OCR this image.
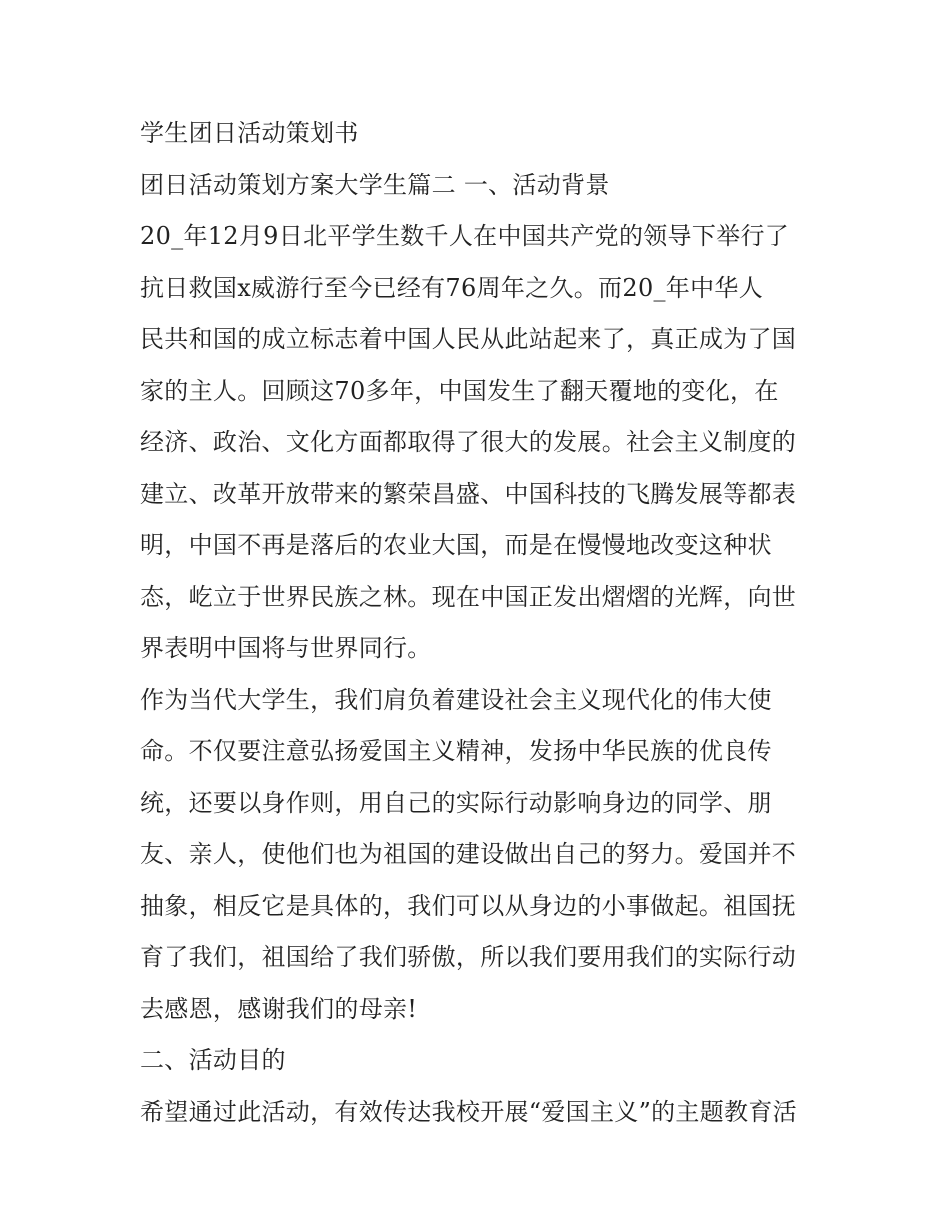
学生团日活动策划书
团日活动策划方案大学生篇二 一、活动背景
20_年12月9日北平学生数千人在中国共产党的领导下举行了
抗日救国x威游行至今已经有76周年之久。而20_年中华人
民共和国的成立标志着中国人民从此站起来了，真正成为了国
家的主人。回顾这70多年，中国发生了翻天覆地的变化，在
经济、政治、文化方面都取得了很大的发展。社会主义制度的
建立、改革开放带来的繁荣昌盛、中国科技的飞腾发展等都表
明，中国不再是落后的农业大国，而是在慢慢地改变这种状
态，屹立于世界民族之林。现在中国正发出熠熠的光辉，向世
界表明中国将与世界同行。
作为当代大学生，我们肩负着建设社会主义现代化的伟大使
命。不仅要注意弘扬爱国主义精神，发扬中华民族的优良传
统，还要以身作则，用自己的实际行动影响身边的同学、朋
友、亲人，使他们也为祖国的建设做出自己的努力。爱国并不
抽象，相反它是具体的，我们可以从身边的小事做起。祖国抚
育了我们，祖国给了我们骄傲，所以我们要用我们的实际行动
去感恩，感谢我们的母亲!
二、活动目的
希望通过此活动，有效传达我校开展“爱国主义”的主题教育活
